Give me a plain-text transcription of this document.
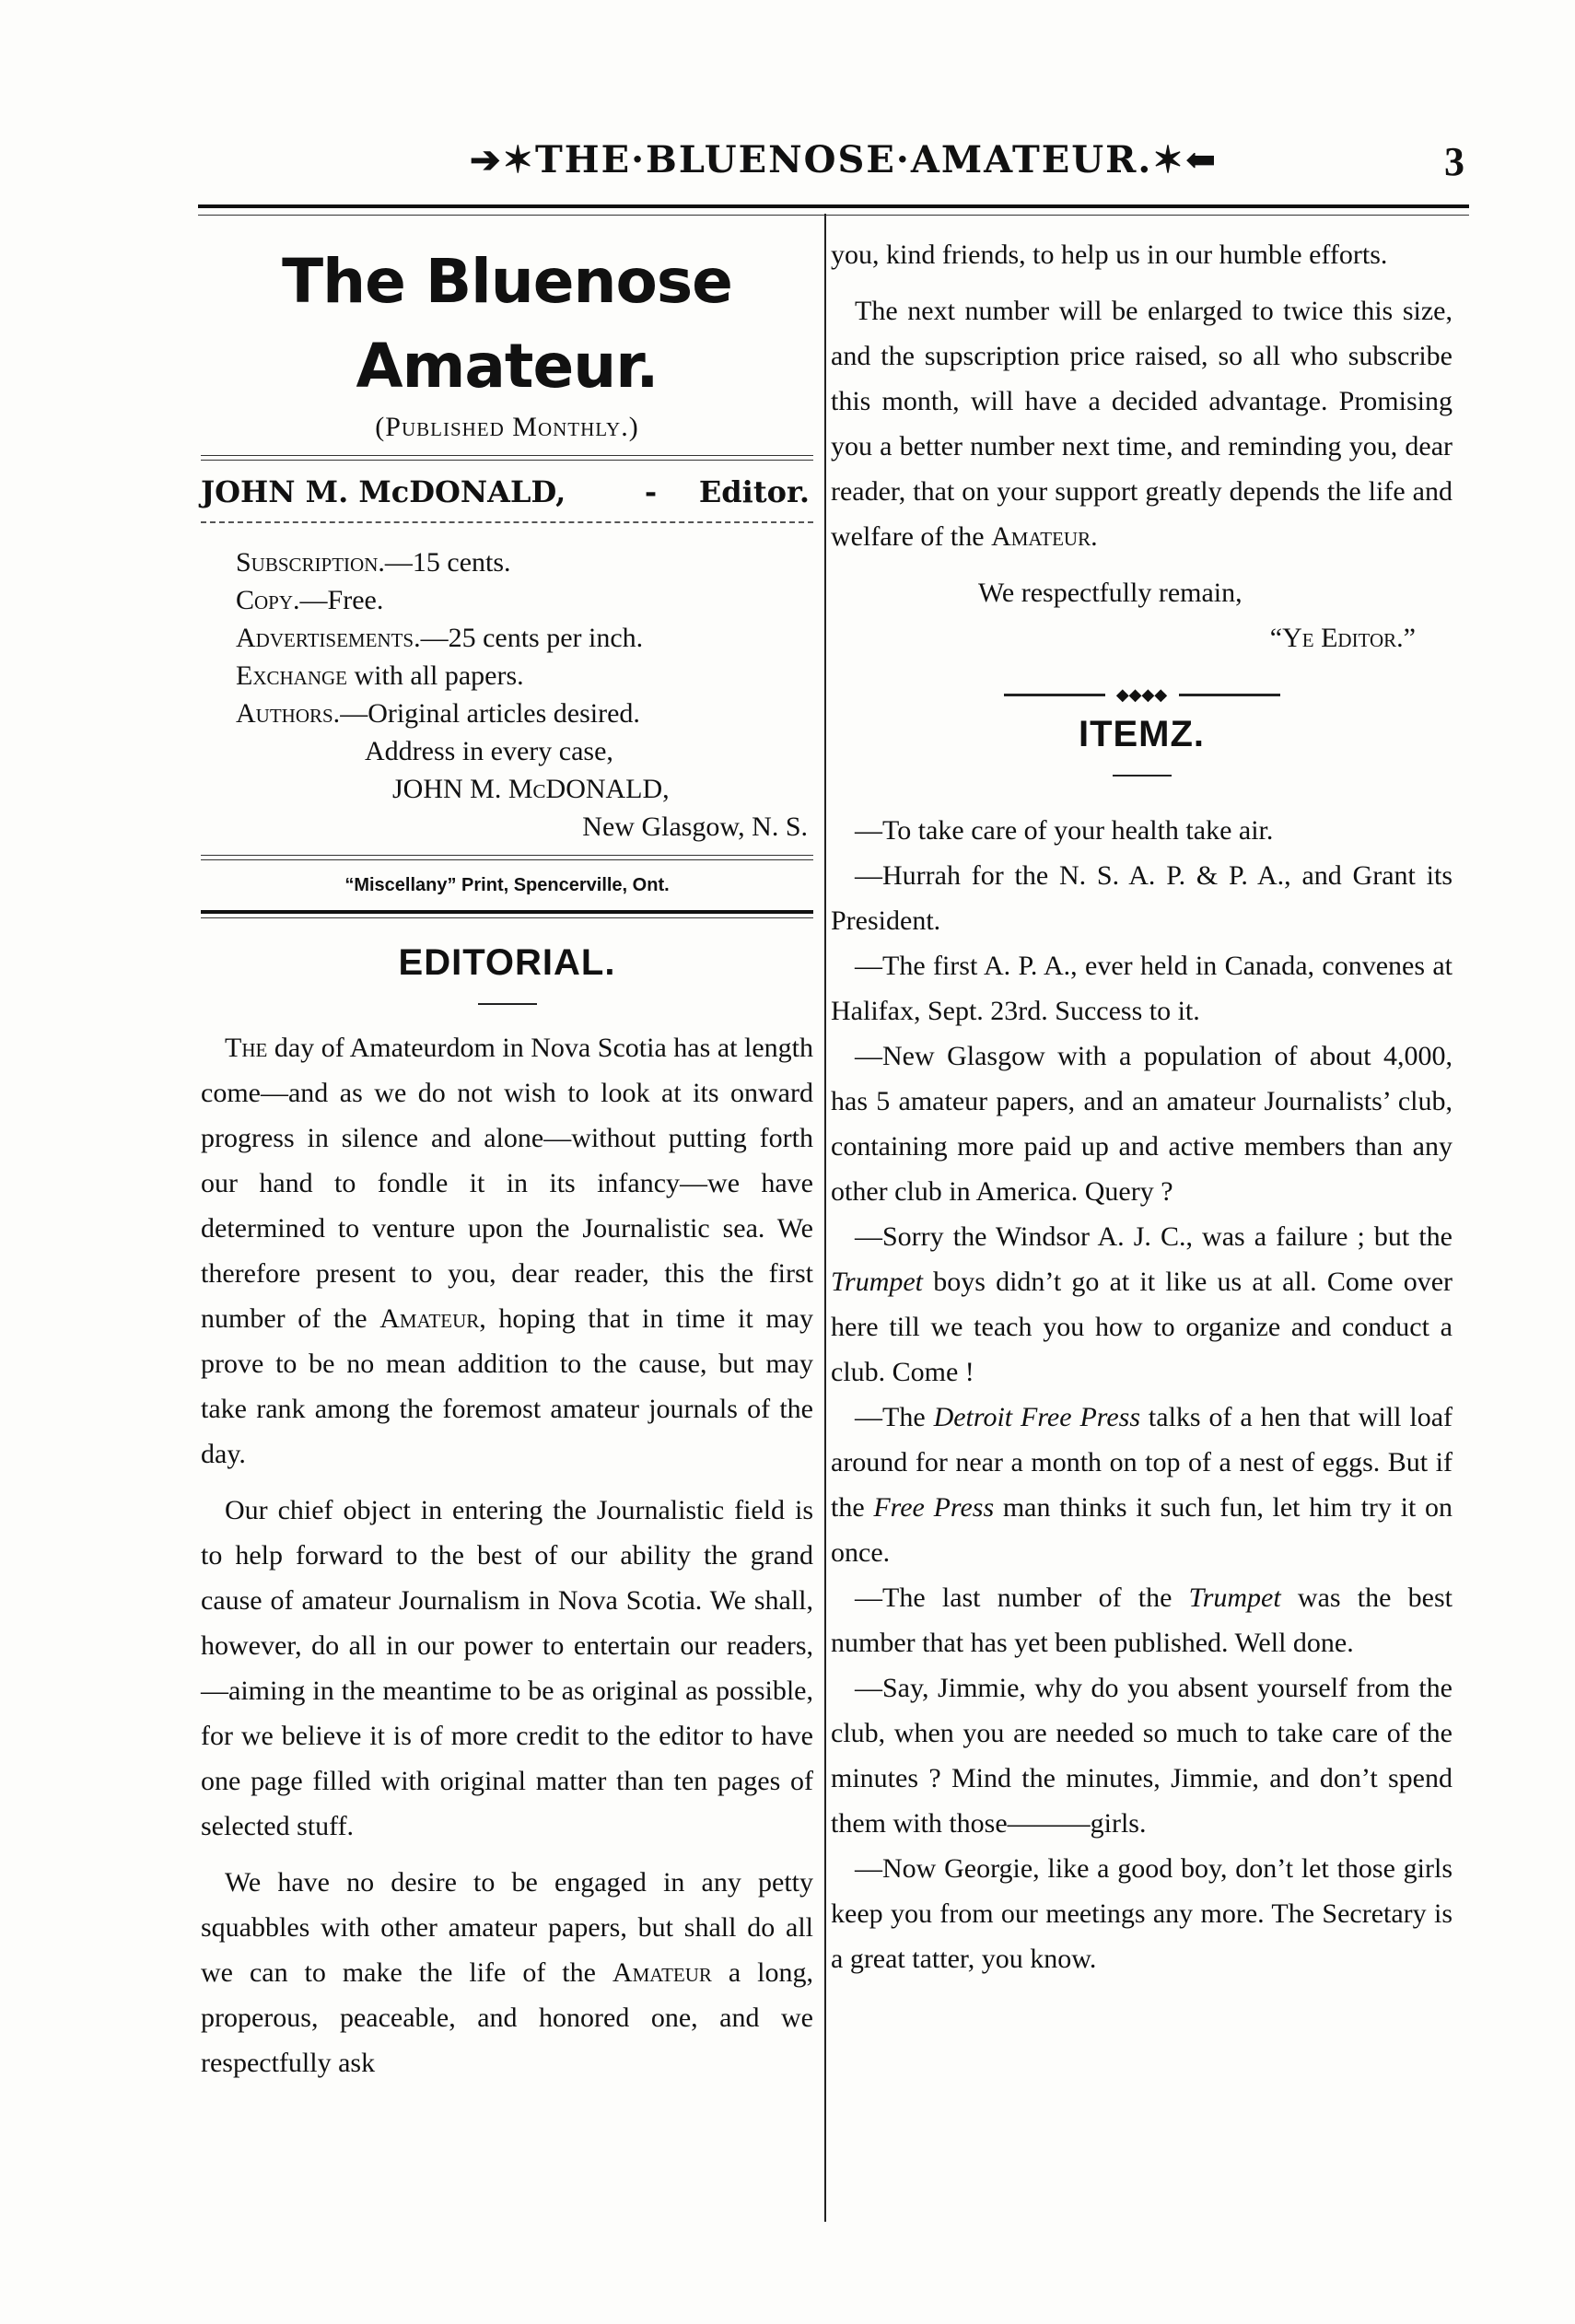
➔✶THE·BLUENOSE·AMATEUR.✶⬅	3
The Bluenose Amateur.
(Published Monthly.)
JOHN M. McDONALD,	- Editor.
Subscription.—15 cents.
Copy.—Free.
Advertisements.—25 cents per inch.
Exchange with all papers.
Authors.—Original articles desired.
Address in every case,
JOHN M. McDONALD,
New Glasgow, N. S.
“Miscellany” Print, Spencerville, Ont.
EDITORIAL.

The day of Amateurdom in Nova Scotia has at length come—and as we do not wish to look at its onward progress in silence and alone—without putting forth our hand to fondle it in its infancy—we have determined to venture upon the Journalistic sea. We therefore present to you, dear reader, this the first number of the Amateur, hoping that in time it may prove to be no mean addition to the cause, but may take rank among the foremost amateur journals of the day.

Our chief object in entering the Journalistic field is to help forward to the best of our ability the grand cause of amateur Journalism in Nova Scotia. We shall, however, do all in our power to entertain our readers,—aiming in the meantime to be as original as possible, for we believe it is of more credit to the editor to have one page filled with original matter than ten pages of selected stuff.

We have no desire to be engaged in any petty squabbles with other amateur papers, but shall do all we can to make the life of the Amateur a long, properous, peaceable, and honored one, and we respectfully ask

you, kind friends, to help us in our humble efforts.

The next number will be enlarged to twice this size, and the supscription price raised, so all who subscribe this month, will have a decided advantage. Promising you a better number next time, and reminding you, dear reader, that on your support greatly depends the life and welfare of the Amateur.

We respectfully remain,
“Ye Editor.”
◆◆◆◆
ITEMZ.

—To take care of your health take air.

—Hurrah for the N. S. A. P. & P. A., and Grant its President.

—The first A. P. A., ever held in Canada, convenes at Halifax, Sept. 23rd. Success to it.

—New Glasgow with a population of about 4,000, has 5 amateur papers, and an amateur Journalists’ club, containing more paid up and active members than any other club in America. Query ?

—Sorry the Windsor A. J. C., was a failure ; but the Trumpet boys didn’t go at it like us at all. Come over here till we teach you how to organize and conduct a club. Come !

—The Detroit Free Press talks of a hen that will loaf around for near a month on top of a nest of eggs. But if the Free Press man thinks it such fun, let him try it on once.

—The last number of the Trumpet was the best number that has yet been published. Well done.

—Say, Jimmie, why do you absent yourself from the club, when you are needed so much to take care of the minutes ? Mind the minutes, Jimmie, and don’t spend them with those———girls.

—Now Georgie, like a good boy, don’t let those girls keep you from our meetings any more. The Secretary is a great tatter, you know.
